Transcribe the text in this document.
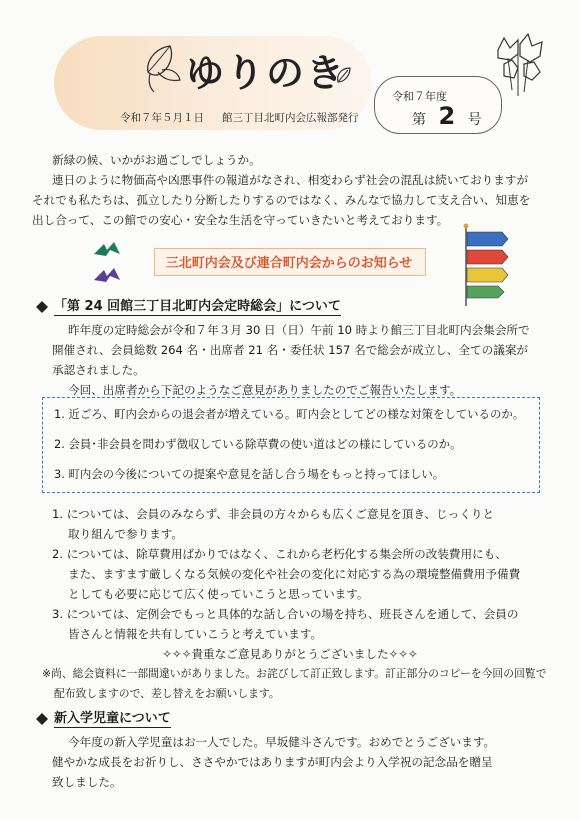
ゆりのき
令和７年５月１日 館三丁目北町内会広報部発行
令和７年度
第 2 号

新緑の候、いかがお過ごしでしょうか。

連日のように物価高や凶悪事件の報道がなされ、相変わらず社会の混乱は続いておりますが

それでも私たちは、孤立したり分断したりするのではなく、みんなで協力して支え合い、知恵を

出し合って、この館での安心・安全な生活を守っていきたいと考えております。

三北町内会及び連合町内会からのお知らせ
「第 24 回館三丁目北町内会定時総会」について

昨年度の定時総会が令和７年３月 30 日（日）午前 10 時より館三丁目北町内会集会所で

開催され、会員総数 264 名・出席者 21 名・委任状 157 名で総会が成立し、全ての議案が

承認されました。

今回、出席者から下記のようなご意見がありましたのでご報告いたします。

1. 近ごろ、町内会からの退会者が増えている。町内会としてどの様な対策をしているのか。

2. 会員･非会員を問わず徴収している除草費の使い道はどの様にしているのか。

3. 町内会の今後についての提案や意見を話し合う場をもっと持ってほしい。

1. については、会員のみならず、非会員の方々からも広くご意見を頂き、じっくりと

取り組んで参ります。

2. については、除草費用ばかりではなく、これから老朽化する集会所の改装費用にも、

また、ますます厳しくなる気候の変化や社会の変化に対応する為の環境整備費用予備費

としても必要に応じて広く使っていこうと思っています。

3. については、定例会でもっと具体的な話し合いの場を持ち、班長さんを通して、会員の

皆さんと情報を共有していこうと考えています。

✧✧✧貴重なご意見ありがとうございました✧✧✧

※尚、総会資料に一部間違いがありました。お詫びして訂正致します。訂正部分のコピーを今回の回覧で

配布致しますので、差し替えをお願いします。

新入学児童について

今年度の新入学児童はお一人でした。早坂健斗さんです。おめでとうございます。

健やかな成長をお祈りし、ささやかではありますが町内会より入学祝の記念品を贈呈

致しました。
